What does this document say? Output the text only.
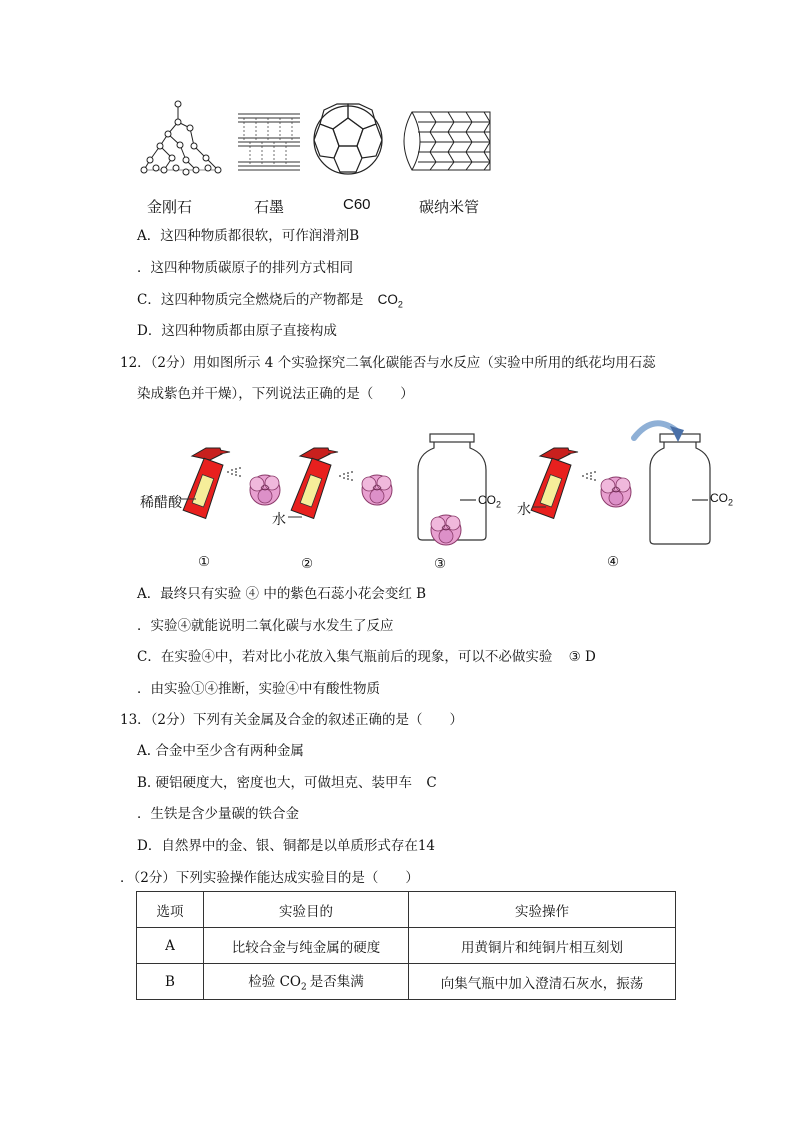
金刚石	石墨	C60	碳纳米管
A．这四种物质都很软，可作润滑剂B
．这四种物质碳原子的排列方式相同
C．这四种物质完全燃烧后的产物都是 $CO_2$
D．这四种物质都由原子直接构成
12．（2分）用如图所示 4 个实验探究二氧化碳能否与水反应（实验中所用的纸花均用石蕊
染成紫色并干燥），下列说法正确的是（　　）
稀醋酸
水
水
$CO_2$	$CO_2$
①	②	③	④
A．最终只有实验 ④ 中的紫色石蕊小花会变红 B
．实验④就能说明二氧化碳与水发生了反应
C．在实验④中，若对比小花放入集气瓶前后的现象，可以不必做实验 ③ D
．由实验①④推断，实验④中有酸性物质
13．（2分）下列有关金属及合金的叙述正确的是（　　）
A. 合金中至少含有两种金属
B. 硬铝硬度大，密度也大，可做坦克、装甲车 C
．生铁是含少量碳的铁合金
D．自然界中的金、银、铜都是以单质形式存在14
．（2分）下列实验操作能达成实验目的是（　　）
选项	实验目的	实验操作
A	比较合金与纯金属的硬度	用黄铜片和纯铜片相互刻划
B	检验 $CO_2$ 是否集满	向集气瓶中加入澄清石灰水，振荡
